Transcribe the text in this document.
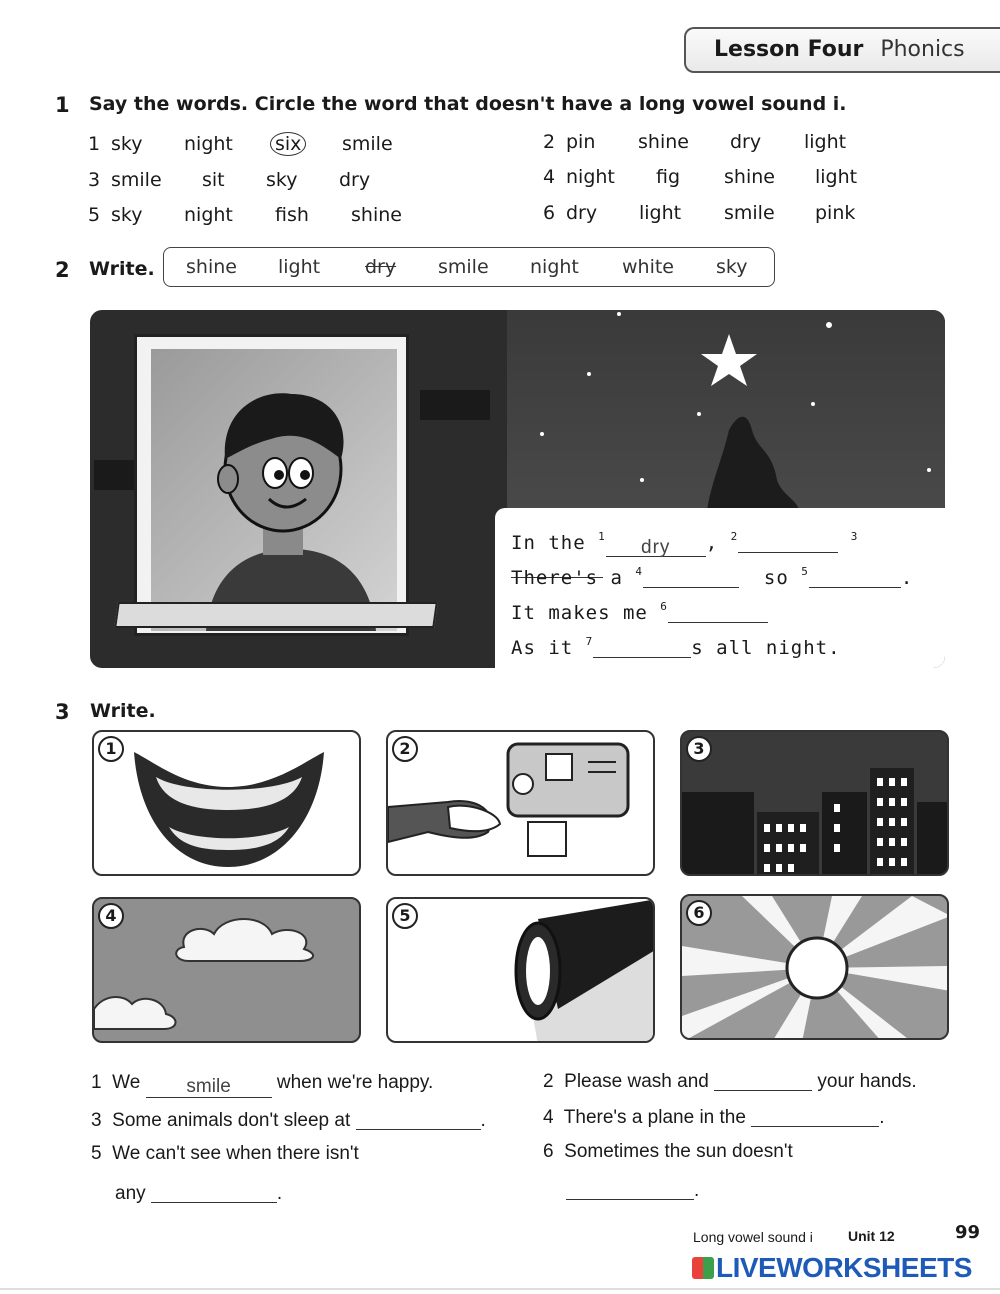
Lesson Four Phonics
1 Say the words. Circle the word that doesn't have a long vowel sound i.
1 sky night six smile	2 pin shine dry light
3 smile sit sky dry	4 night fig shine light
5 sky night fish shine	6 dry light smile pink
2 Write. shine light dry smile night white sky
In the $^1$dry , $^2$	$^3$
There's a $^4$	so $^5$	.
It makes me $^6$
As it $^7$	s all night.
3 Write.
1	2	3
4	5	6
1 We smile when we're happy.	2 Please wash and	your hands.
3 Some animals don't sleep at	.	4 There's a plane in the	.
5 We can't see when there isn't
any	.
6 Sometimes the sun doesn't
.
Long vowel sound i	Unit 12	99
LIVEWORKSHEETS
